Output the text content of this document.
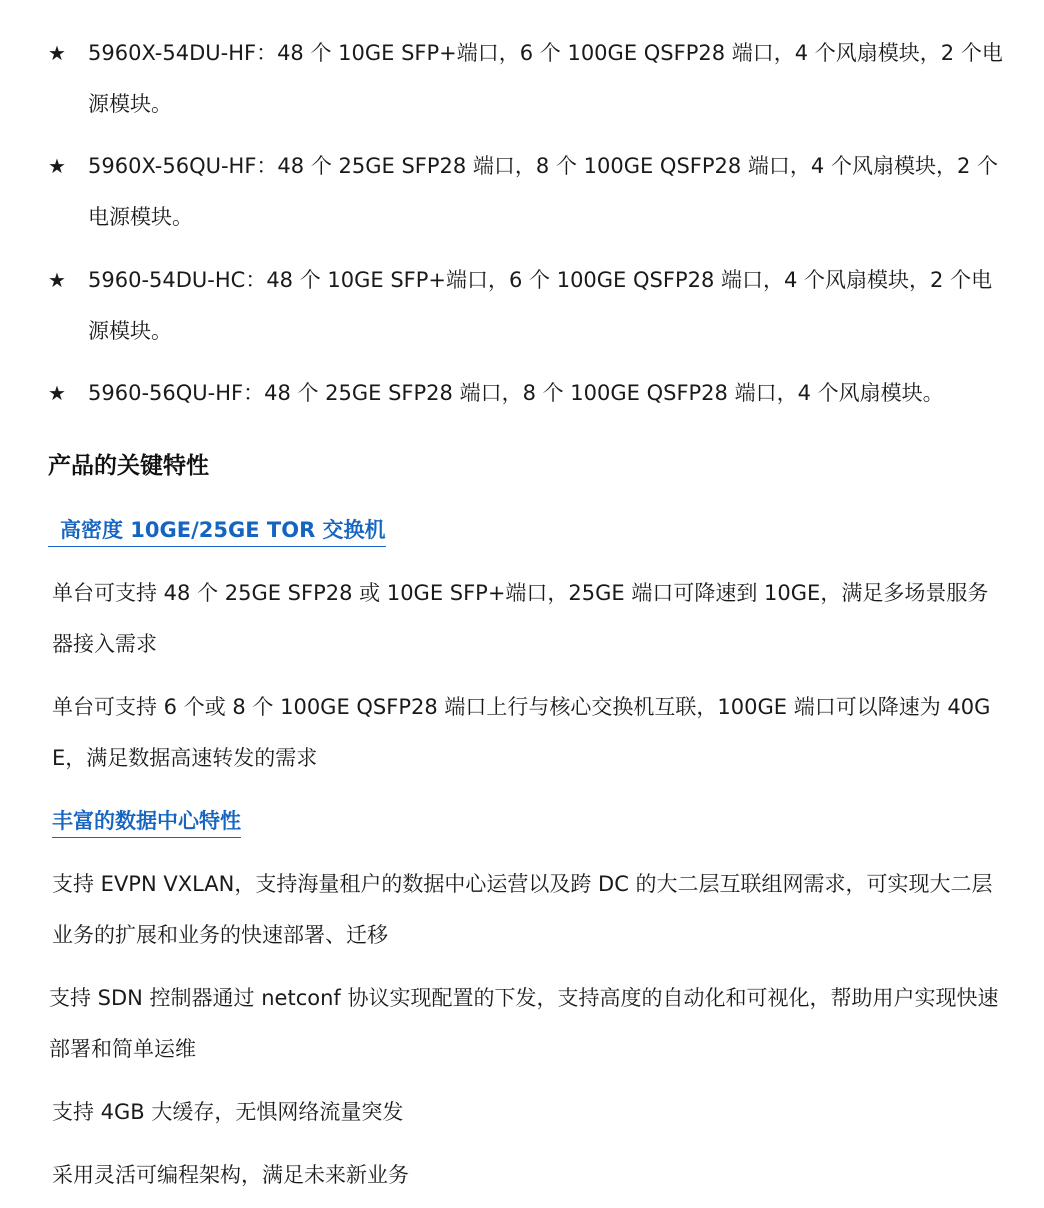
★	5960X-54DU-HF：48 个 10GE SFP+端口，6 个 100GE QSFP28 端口，4 个风扇模块，2 个电源模块。
★	5960X-56QU-HF：48 个 25GE SFP28 端口，8 个 100GE QSFP28 端口，4 个风扇模块，2 个电源模块。
★	5960-54DU-HC：48 个 10GE SFP+端口，6 个 100GE QSFP28 端口，4 个风扇模块，2 个电源模块。
★	5960-56QU-HF：48 个 25GE SFP28 端口，8 个 100GE QSFP28 端口，4 个风扇模块。
产品的关键特性
高密度 10GE/25GE TOR 交换机
单台可支持 48 个 25GE SFP28 或 10GE SFP+端口，25GE 端口可降速到 10GE，满足多场景服务器接入需求
单台可支持 6 个或 8 个 100GE QSFP28 端口上行与核心交换机互联，100GE 端口可以降速为 40GE，满足数据高速转发的需求
丰富的数据中心特性
支持 EVPN VXLAN，支持海量租户的数据中心运营以及跨 DC 的大二层互联组网需求，可实现大二层业务的扩展和业务的快速部署、迁移
支持 SDN 控制器通过 netconf 协议实现配置的下发，支持高度的自动化和可视化，帮助用户实现快速部署和简单运维
支持 4GB 大缓存，无惧网络流量突发
采用灵活可编程架构，满足未来新业务
